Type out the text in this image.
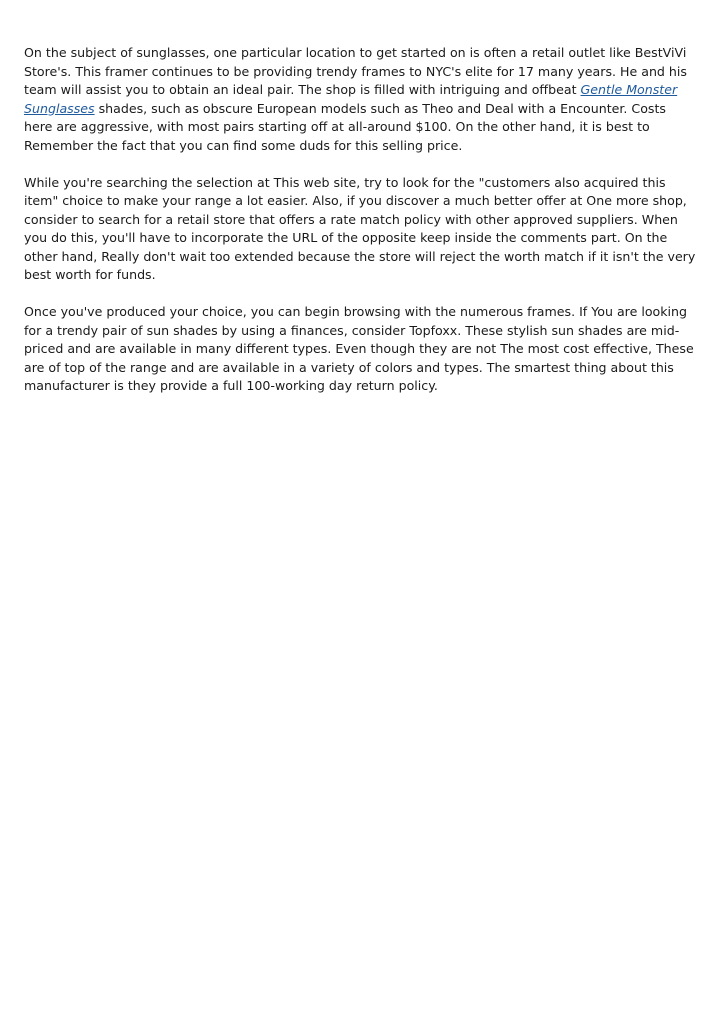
On the subject of sunglasses, one particular location to get started on is often a retail outlet like BestViVi Store's. This framer continues to be providing trendy frames to NYC's elite for 17 many years. He and his team will assist you to obtain an ideal pair. The shop is filled with intriguing and offbeat Gentle Monster Sunglasses shades, such as obscure European models such as Theo and Deal with a Encounter. Costs here are aggressive, with most pairs starting off at all-around $100. On the other hand, it is best to Remember the fact that you can find some duds for this selling price.

While you're searching the selection at This web site, try to look for the "customers also acquired this item" choice to make your range a lot easier. Also, if you discover a much better offer at One more shop, consider to search for a retail store that offers a rate match policy with other approved suppliers. When you do this, you'll have to incorporate the URL of the opposite keep inside the comments part. On the other hand, Really don't wait too extended because the store will reject the worth match if it isn't the very best worth for funds.

Once you've produced your choice, you can begin browsing with the numerous frames. If You are looking for a trendy pair of sun shades by using a finances, consider Topfoxx. These stylish sun shades are mid-priced and are available in many different types. Even though they are not The most cost effective, These are of top of the range and are available in a variety of colors and types. The smartest thing about this manufacturer is they provide a full 100-working day return policy.
